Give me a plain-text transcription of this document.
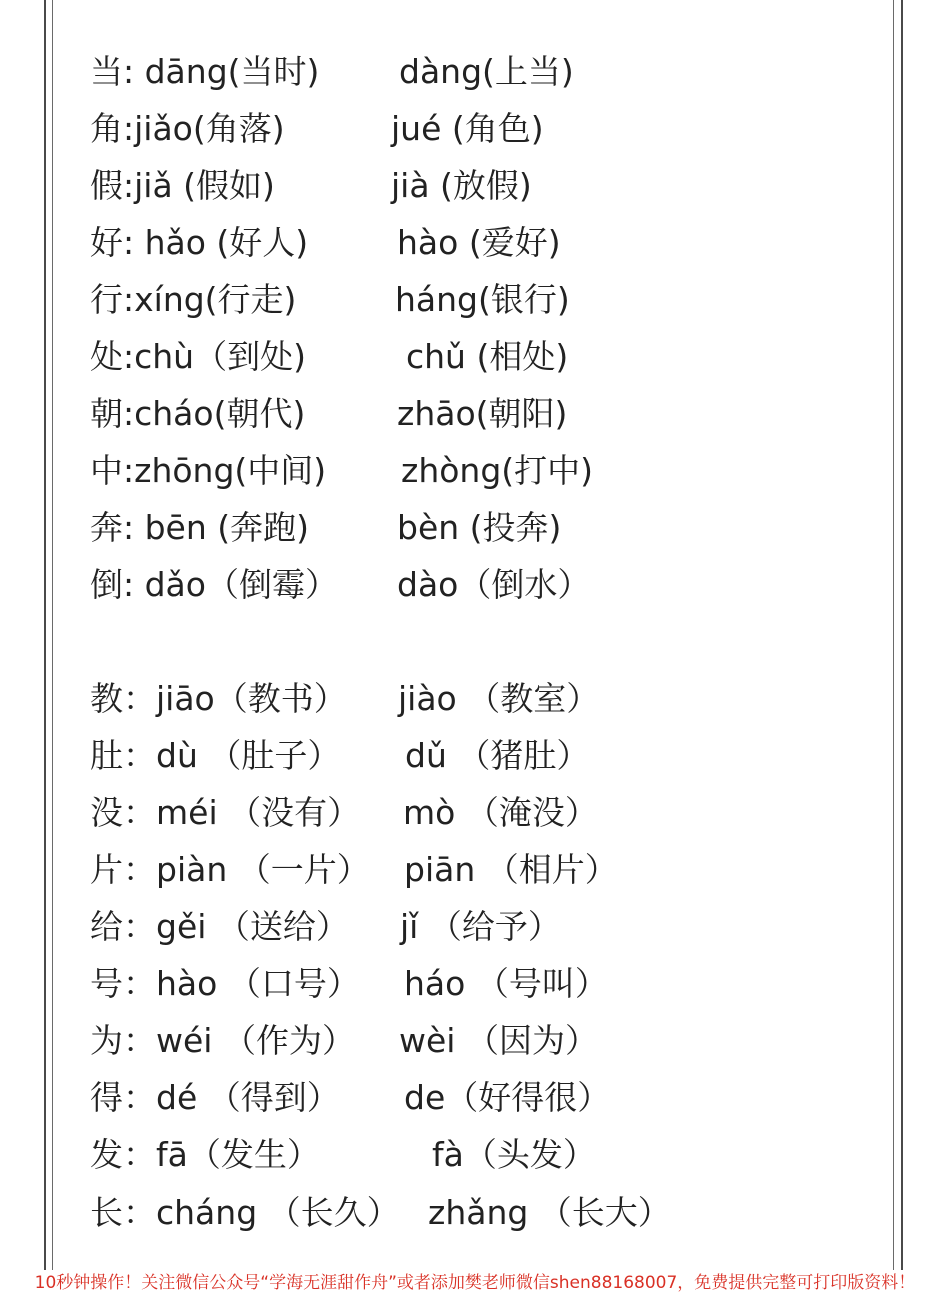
当: dāng(当时) dàng(上当)
角:jiǎo(角落)	jué (角色)
假:jiǎ (假如)	jià (放假)
好: hǎo (好人)	hào (爱好)
行:xíng(行走)	háng(银行)
处:chù（到处)	chǔ (相处)
朝:cháo(朝代)	zhāo(朝阳)
中:zhōng(中间) zhòng(打中)
奔: bēn (奔跑)	bèn (投奔)
倒: dǎo（倒霉） dào（倒水）
教：jiāo（教书） jiào （教室）
肚：dù （肚子） dǔ （猪肚）
没：méi （没有） mò （淹没）
片：piàn （一片） piān （相片）
给：gěi （送给） jǐ （给予）
号：hào （口号） háo （号叫）
为：wéi （作为） wèi （因为）
得：dé （得到） de（好得很）
发：fā（发生）	fà（头发）
长：cháng （长久） zhǎng （长大）
10秒钟操作！关注微信公众号“学海无涯甜作舟”或者添加樊老师微信shen88168007，免费提供完整可打印版资料！
